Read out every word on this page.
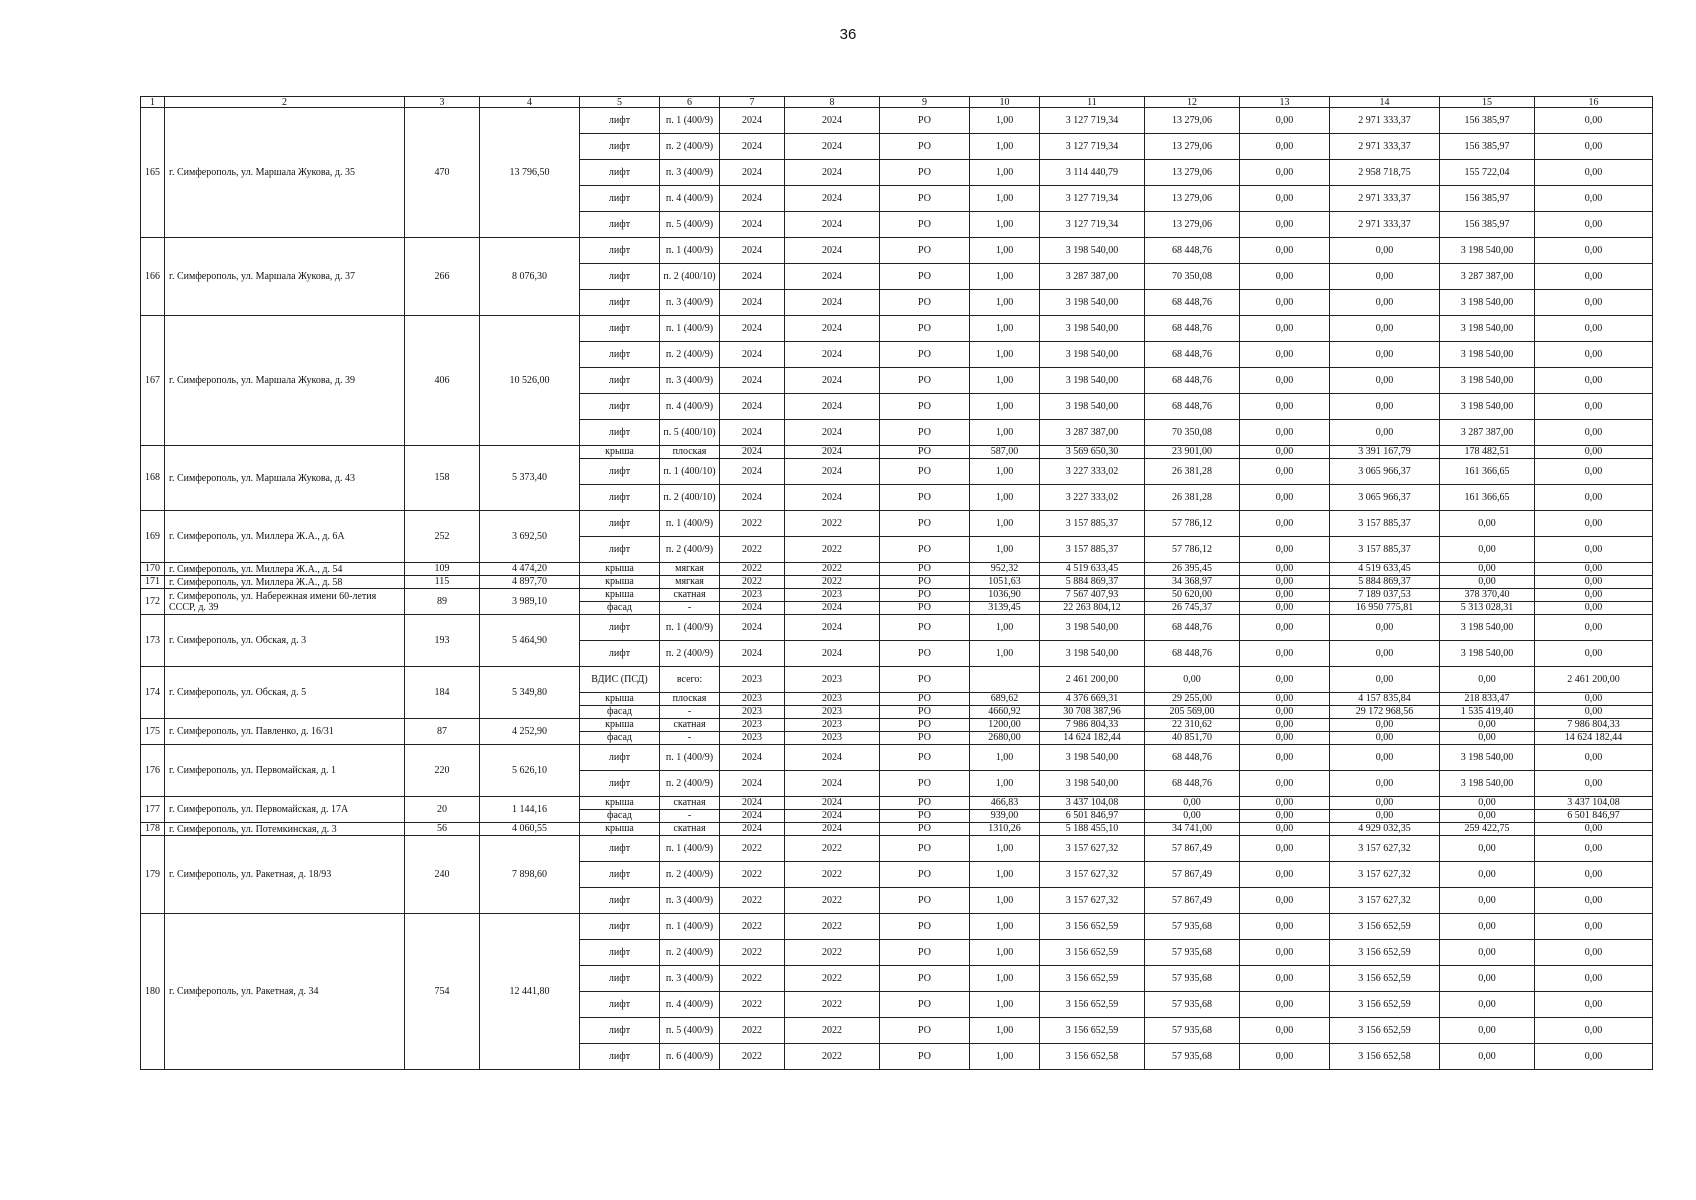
36
1	2	3	4	5	6	7	8	9	10	11	12	13	14	15	16
165	г. Симферополь, ул. Маршала Жукова, д. 35	470	13 796,50	лифт	п. 1 (400/9)	2024	2024	РО	1,00	3 127 719,34	13 279,06	0,00	2 971 333,37	156 385,97	0,00
				лифт	п. 2 (400/9)	2024	2024	РО	1,00	3 127 719,34	13 279,06	0,00	2 971 333,37	156 385,97	0,00
				лифт	п. 3 (400/9)	2024	2024	РО	1,00	3 114 440,79	13 279,06	0,00	2 958 718,75	155 722,04	0,00
				лифт	п. 4 (400/9)	2024	2024	РО	1,00	3 127 719,34	13 279,06	0,00	2 971 333,37	156 385,97	0,00
				лифт	п. 5 (400/9)	2024	2024	РО	1,00	3 127 719,34	13 279,06	0,00	2 971 333,37	156 385,97	0,00
166	г. Симферополь, ул. Маршала Жукова, д. 37	266	8 076,30	лифт	п. 1 (400/9)	2024	2024	РО	1,00	3 198 540,00	68 448,76	0,00	0,00	3 198 540,00	0,00
				лифт	п. 2 (400/10)	2024	2024	РО	1,00	3 287 387,00	70 350,08	0,00	0,00	3 287 387,00	0,00
				лифт	п. 3 (400/9)	2024	2024	РО	1,00	3 198 540,00	68 448,76	0,00	0,00	3 198 540,00	0,00
167	г. Симферополь, ул. Маршала Жукова, д. 39	406	10 526,00	лифт	п. 1 (400/9)	2024	2024	РО	1,00	3 198 540,00	68 448,76	0,00	0,00	3 198 540,00	0,00
				лифт	п. 2 (400/9)	2024	2024	РО	1,00	3 198 540,00	68 448,76	0,00	0,00	3 198 540,00	0,00
				лифт	п. 3 (400/9)	2024	2024	РО	1,00	3 198 540,00	68 448,76	0,00	0,00	3 198 540,00	0,00
				лифт	п. 4 (400/9)	2024	2024	РО	1,00	3 198 540,00	68 448,76	0,00	0,00	3 198 540,00	0,00
				лифт	п. 5 (400/10)	2024	2024	РО	1,00	3 287 387,00	70 350,08	0,00	0,00	3 287 387,00	0,00
168	г. Симферополь, ул. Маршала Жукова, д. 43	158	5 373,40	крыша	плоская	2024	2024	РО	587,00	3 569 650,30	23 901,00	0,00	3 391 167,79	178 482,51	0,00
				лифт	п. 1 (400/10)	2024	2024	РО	1,00	3 227 333,02	26 381,28	0,00	3 065 966,37	161 366,65	0,00
				лифт	п. 2 (400/10)	2024	2024	РО	1,00	3 227 333,02	26 381,28	0,00	3 065 966,37	161 366,65	0,00
169	г. Симферополь, ул. Миллера Ж.А., д. 6А	252	3 692,50	лифт	п. 1 (400/9)	2022	2022	РО	1,00	3 157 885,37	57 786,12	0,00	3 157 885,37	0,00	0,00
				лифт	п. 2 (400/9)	2022	2022	РО	1,00	3 157 885,37	57 786,12	0,00	3 157 885,37	0,00	0,00
170	г. Симферополь, ул. Миллера Ж.А., д. 54	109	4 474,20	крыша	мягкая	2022	2022	РО	952,32	4 519 633,45	26 395,45	0,00	4 519 633,45	0,00	0,00
171	г. Симферополь, ул. Миллера Ж.А., д. 58	115	4 897,70	крыша	мягкая	2022	2022	РО	1051,63	5 884 869,37	34 368,97	0,00	5 884 869,37	0,00	0,00
172	г. Симферополь, ул. Набережная имени 60-летия СССР, д. 39	89	3 989,10	крыша	скатная	2023	2023	РО	1036,90	7 567 407,93	50 620,00	0,00	7 189 037,53	378 370,40	0,00
				фасад	-	2024	2024	РО	3139,45	22 263 804,12	26 745,37	0,00	16 950 775,81	5 313 028,31	0,00
173	г. Симферополь, ул. Обская, д. 3	193	5 464,90	лифт	п. 1 (400/9)	2024	2024	РО	1,00	3 198 540,00	68 448,76	0,00	0,00	3 198 540,00	0,00
				лифт	п. 2 (400/9)	2024	2024	РО	1,00	3 198 540,00	68 448,76	0,00	0,00	3 198 540,00	0,00
174	г. Симферополь, ул. Обская, д. 5	184	5 349,80	ВДИС (ПСД)	всего:	2023	2023	РО		2 461 200,00	0,00	0,00	0,00	0,00	2 461 200,00
				крыша	плоская	2023	2023	РО	689,62	4 376 669,31	29 255,00	0,00	4 157 835,84	218 833,47	0,00
				фасад	-	2023	2023	РО	4660,92	30 708 387,96	205 569,00	0,00	29 172 968,56	1 535 419,40	0,00
175	г. Симферополь, ул. Павленко, д. 16/31	87	4 252,90	крыша	скатная	2023	2023	РО	1200,00	7 986 804,33	22 310,62	0,00	0,00	0,00	7 986 804,33
				фасад	-	2023	2023	РО	2680,00	14 624 182,44	40 851,70	0,00	0,00	0,00	14 624 182,44
176	г. Симферополь, ул. Первомайская, д. 1	220	5 626,10	лифт	п. 1 (400/9)	2024	2024	РО	1,00	3 198 540,00	68 448,76	0,00	0,00	3 198 540,00	0,00
				лифт	п. 2 (400/9)	2024	2024	РО	1,00	3 198 540,00	68 448,76	0,00	0,00	3 198 540,00	0,00
177	г. Симферополь, ул. Первомайская, д. 17А	20	1 144,16	крыша	скатная	2024	2024	РО	466,83	3 437 104,08	0,00	0,00	0,00	0,00	3 437 104,08
				фасад	-	2024	2024	РО	939,00	6 501 846,97	0,00	0,00	0,00	0,00	6 501 846,97
178	г. Симферополь, ул. Потемкинская, д. 3	56	4 060,55	крыша	скатная	2024	2024	РО	1310,26	5 188 455,10	34 741,00	0,00	4 929 032,35	259 422,75	0,00
179	г. Симферополь, ул. Ракетная, д. 18/93	240	7 898,60	лифт	п. 1 (400/9)	2022	2022	РО	1,00	3 157 627,32	57 867,49	0,00	3 157 627,32	0,00	0,00
				лифт	п. 2 (400/9)	2022	2022	РО	1,00	3 157 627,32	57 867,49	0,00	3 157 627,32	0,00	0,00
				лифт	п. 3 (400/9)	2022	2022	РО	1,00	3 157 627,32	57 867,49	0,00	3 157 627,32	0,00	0,00
180	г. Симферополь, ул. Ракетная, д. 34	754	12 441,80	лифт	п. 1 (400/9)	2022	2022	РО	1,00	3 156 652,59	57 935,68	0,00	3 156 652,59	0,00	0,00
				лифт	п. 2 (400/9)	2022	2022	РО	1,00	3 156 652,59	57 935,68	0,00	3 156 652,59	0,00	0,00
				лифт	п. 3 (400/9)	2022	2022	РО	1,00	3 156 652,59	57 935,68	0,00	3 156 652,59	0,00	0,00
				лифт	п. 4 (400/9)	2022	2022	РО	1,00	3 156 652,59	57 935,68	0,00	3 156 652,59	0,00	0,00
				лифт	п. 5 (400/9)	2022	2022	РО	1,00	3 156 652,59	57 935,68	0,00	3 156 652,59	0,00	0,00
				лифт	п. 6 (400/9)	2022	2022	РО	1,00	3 156 652,58	57 935,68	0,00	3 156 652,58	0,00	0,00
